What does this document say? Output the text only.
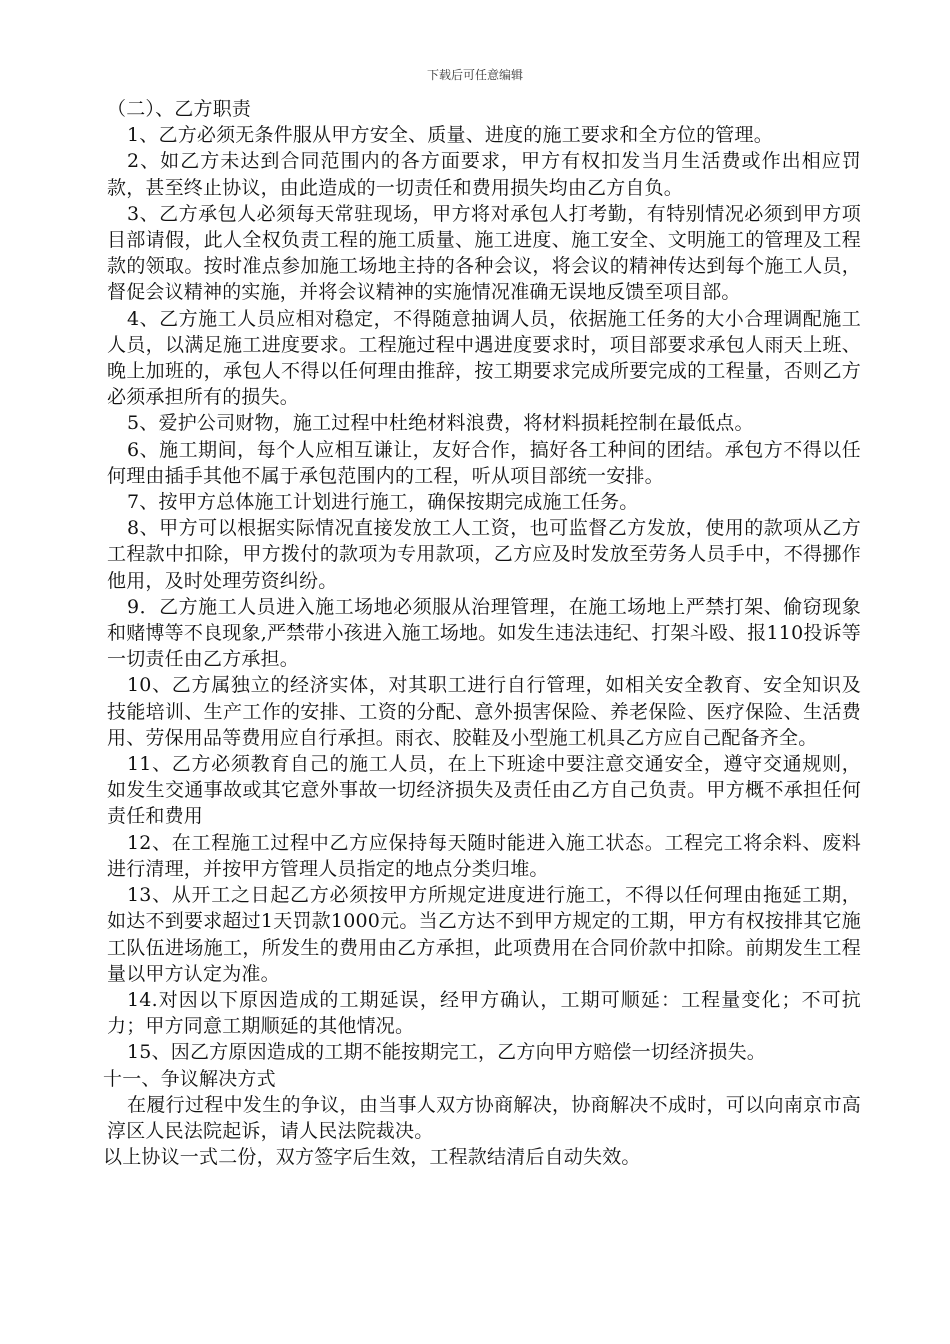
下载后可任意编辑

（二）、乙方职责

1、乙方必须无条件服从甲方安全、质量、进度的施工要求和全方位的管理。

2、如乙方未达到合同范围内的各方面要求，甲方有权扣发当月生活费或作出相应罚款，甚至终止协议，由此造成的一切责任和费用损失均由乙方自负。

3、乙方承包人必须每天常驻现场，甲方将对承包人打考勤，有特别情况必须到甲方项目部请假，此人全权负责工程的施工质量、施工进度、施工安全、文明施工的管理及工程款的领取。按时准点参加施工场地主持的各种会议，将会议的精神传达到每个施工人员，督促会议精神的实施，并将会议精神的实施情况准确无误地反馈至项目部。

4、乙方施工人员应相对稳定，不得随意抽调人员，依据施工任务的大小合理调配施工人员，以满足施工进度要求。工程施过程中遇进度要求时，项目部要求承包人雨天上班、晚上加班的，承包人不得以任何理由推辞，按工期要求完成所要完成的工程量，否则乙方必须承担所有的损失。

5、爱护公司财物，施工过程中杜绝材料浪费，将材料损耗控制在最低点。

6、施工期间，每个人应相互谦让，友好合作，搞好各工种间的团结。承包方不得以任何理由插手其他不属于承包范围内的工程，听从项目部统一安排。

7、按甲方总体施工计划进行施工，确保按期完成施工任务。

8、甲方可以根据实际情况直接发放工人工资，也可监督乙方发放，使用的款项从乙方工程款中扣除，甲方拨付的款项为专用款项，乙方应及时发放至劳务人员手中，不得挪作他用，及时处理劳资纠纷。

9．乙方施工人员进入施工场地必须服从治理管理，在施工场地上严禁打架、偷窃现象和赌博等不良现象,严禁带小孩进入施工场地。如发生违法违纪、打架斗殴、报110投诉等一切责任由乙方承担。

10、乙方属独立的经济实体，对其职工进行自行管理，如相关安全教育、安全知识及技能培训、生产工作的安排、工资的分配、意外损害保险、养老保险、医疗保险、生活费用、劳保用品等费用应自行承担。雨衣、胶鞋及小型施工机具乙方应自己配备齐全。

11、乙方必须教育自己的施工人员，在上下班途中要注意交通安全，遵守交通规则，如发生交通事故或其它意外事故一切经济损失及责任由乙方自己负责。甲方概不承担任何责任和费用

12、在工程施工过程中乙方应保持每天随时能进入施工状态。工程完工将余料、废料进行清理，并按甲方管理人员指定的地点分类归堆。

13、从开工之日起乙方必须按甲方所规定进度进行施工，不得以任何理由拖延工期，如达不到要求超过1天罚款1000元。当乙方达不到甲方规定的工期，甲方有权按排其它施工队伍进场施工，所发生的费用由乙方承担，此项费用在合同价款中扣除。前期发生工程量以甲方认定为准。

14.对因以下原因造成的工期延误，经甲方确认，工期可顺延：工程量变化；不可抗力；甲方同意工期顺延的其他情况。

15、因乙方原因造成的工期不能按期完工，乙方向甲方赔偿一切经济损失。

十一、争议解决方式

在履行过程中发生的争议，由当事人双方协商解决，协商解决不成时，可以向南京市高淳区人民法院起诉，请人民法院裁决。

以上协议一式二份，双方签字后生效，工程款结清后自动失效。
